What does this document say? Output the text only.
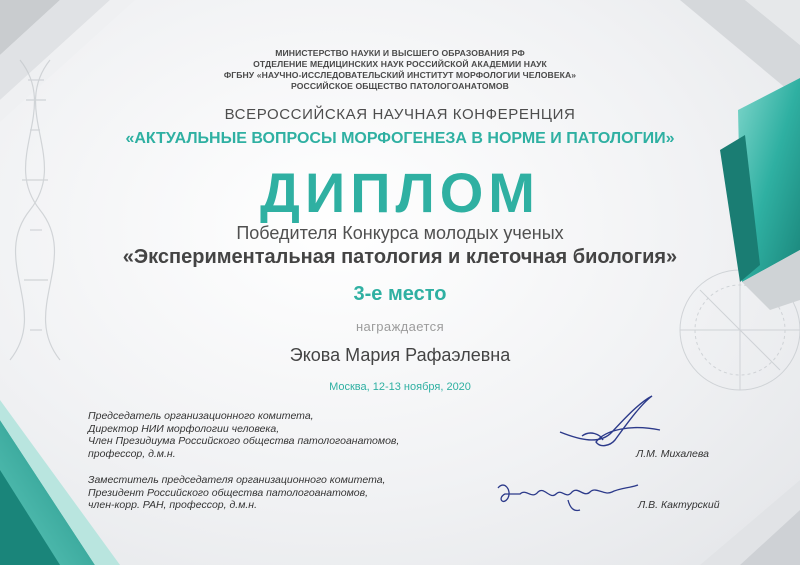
МИНИСТЕРСТВО НАУКИ И ВЫСШЕГО ОБРАЗОВАНИЯ РФ
ОТДЕЛЕНИЕ МЕДИЦИНСКИХ НАУК РОССИЙСКОЙ АКАДЕМИИ НАУК
ФГБНУ «НАУЧНО-ИССЛЕДОВАТЕЛЬСКИЙ ИНСТИТУТ МОРФОЛОГИИ ЧЕЛОВЕКА»
РОССИЙСКОЕ ОБЩЕСТВО ПАТОЛОГОАНАТОМОВ
ВСЕРОССИЙСКАЯ НАУЧНАЯ КОНФЕРЕНЦИЯ
«АКТУАЛЬНЫЕ ВОПРОСЫ МОРФОГЕНЕЗА В НОРМЕ И ПАТОЛОГИИ»
ДИПЛОМ
Победителя Конкурса молодых ученых
«Экспериментальная патология и клеточная биология»
3-е место
награждается
Экова Мария Рафаэлевна
Москва, 12-13 ноября, 2020
Председатель организационного комитета,
Директор НИИ морфологии человека,
Член Президиума Российского общества патологоанатомов,
профессор, д.м.н.	Л.М. Михалева
Заместитель председателя организационного комитета,
Президент Российского общества патологоанатомов,
член-корр. РАН, профессор, д.м.н.	Л.В. Кактурский
